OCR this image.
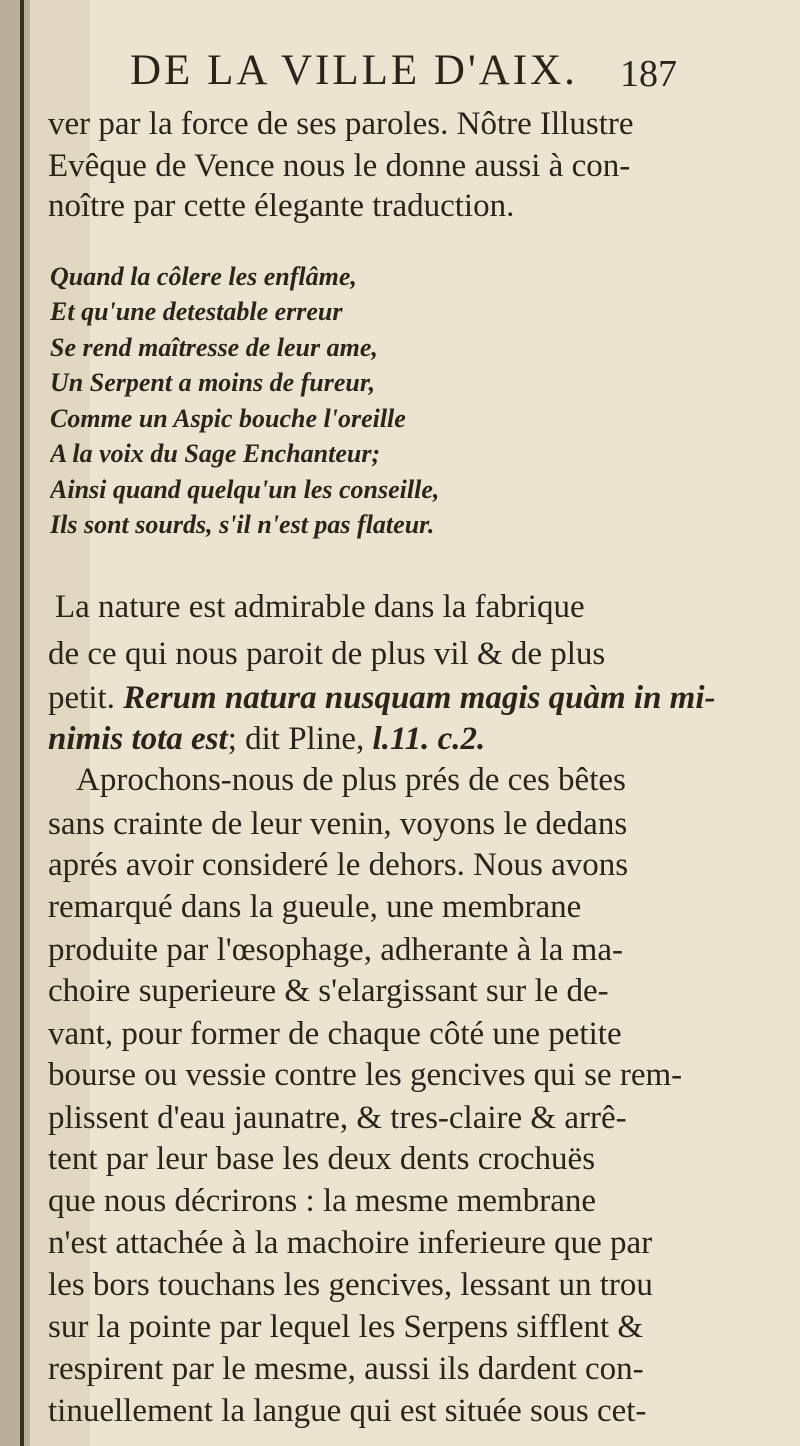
DE LA VILLE D'AIX.	187
ver par la force de ses paroles. Nôtre Illustre
Evêque de Vence nous le donne aussi à con-
noître par cette élegante traduction.
Quand la côlere les enflâme,
Et qu'une detestable erreur
Se rend maîtresse de leur ame,
Un Serpent a moins de fureur,
Comme un Aspic bouche l'oreille
A la voix du Sage Enchanteur;
Ainsi quand quelqu'un les conseille,
Ils sont sourds, s'il n'est pas flateur.
La nature est admirable dans la fabrique
de ce qui nous paroit de plus vil & de plus
petit. Rerum natura nusquam magis quàm in mi-
nimis tota est; dit Pline, l.11. c.2.
Aprochons-nous de plus prés de ces bêtes
sans crainte de leur venin, voyons le dedans
aprés avoir consideré le dehors. Nous avons
remarqué dans la gueule, une membrane
produite par l'œsophage, adherante à la ma-
choire superieure & s'elargissant sur le de-
vant, pour former de chaque côté une petite
bourse ou vessie contre les gencives qui se rem-
plissent d'eau jaunatre, & tres-claire & arrê-
tent par leur base les deux dents crochuës
que nous décrirons : la mesme membrane
n'est attachée à la machoire inferieure que par
les bors touchans les gencives, lessant un trou
sur la pointe par lequel les Serpens sifflent &
respirent par le mesme, aussi ils dardent con-
tinuellement la langue qui est située sous cet-
